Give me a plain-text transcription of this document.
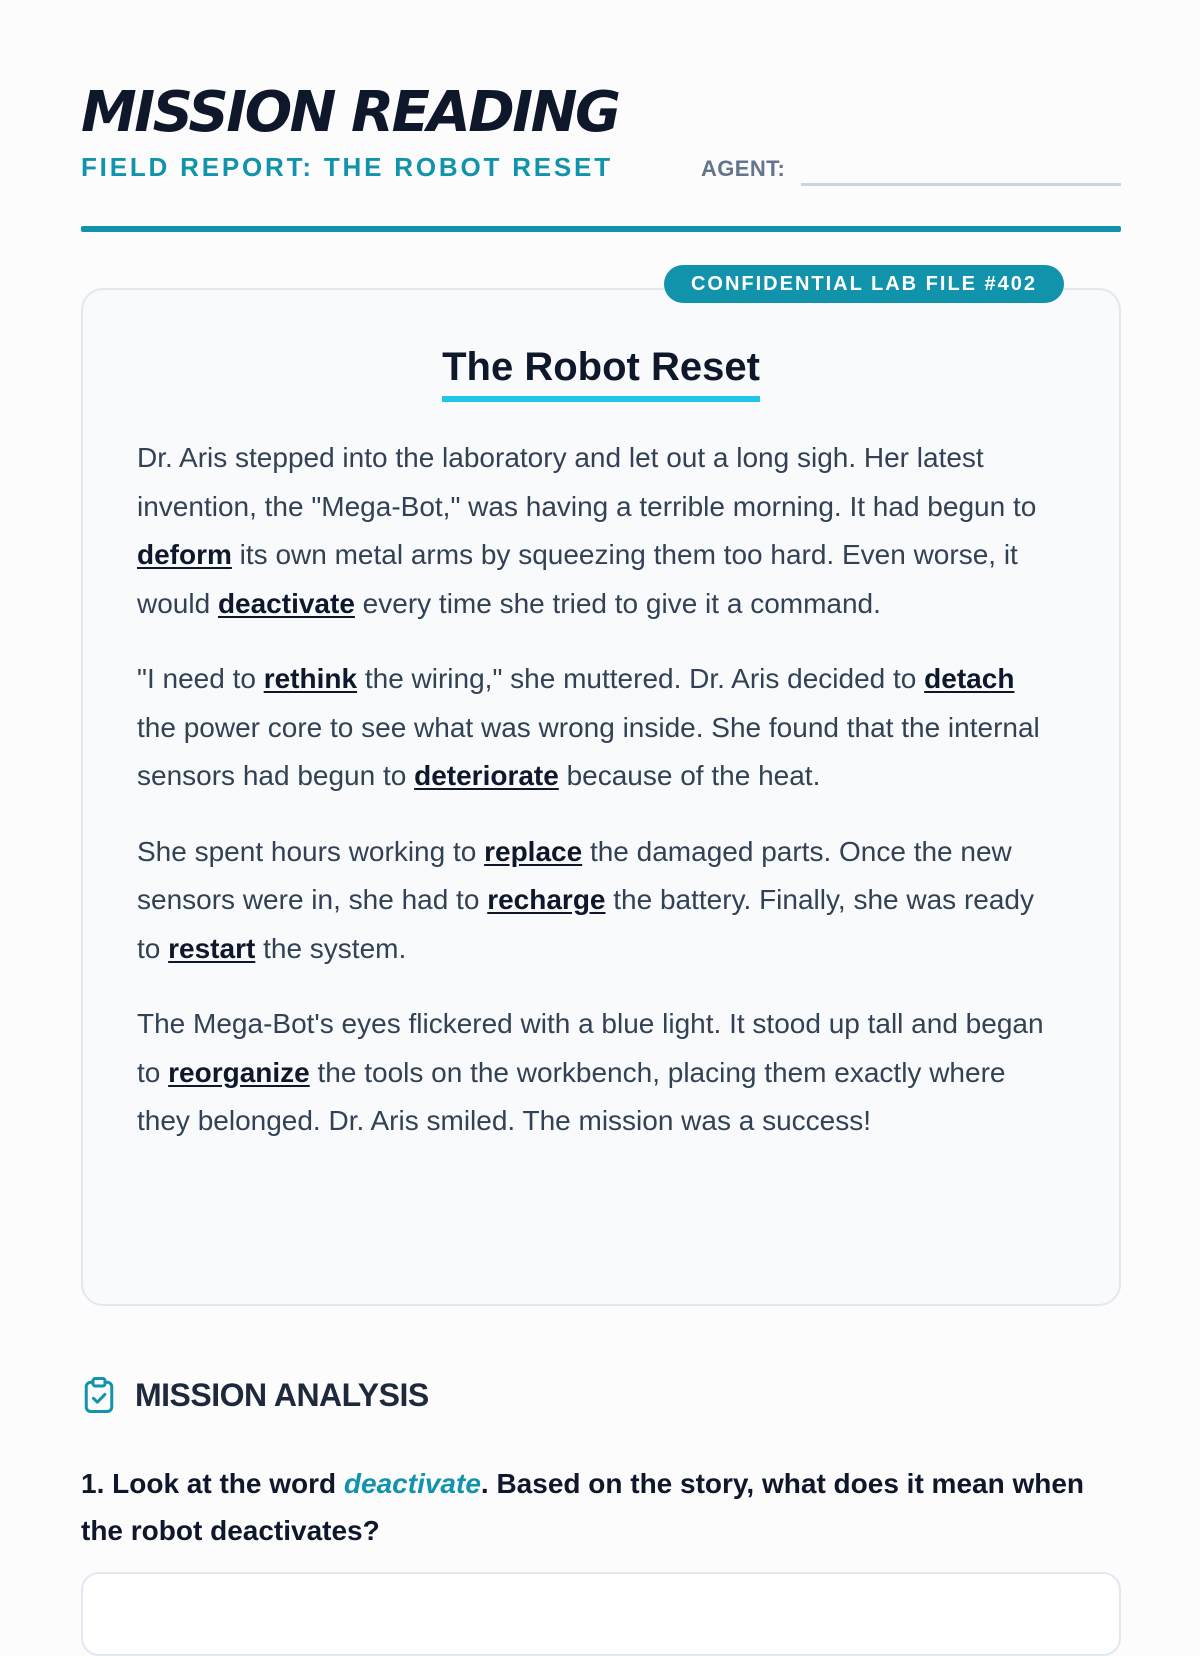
MISSION READING
FIELD REPORT: THE ROBOT RESET	AGENT:
CONFIDENTIAL LAB FILE #402
The Robot Reset

Dr. Aris stepped into the laboratory and let out a long sigh. Her latest invention, the "Mega-Bot," was having a terrible morning. It had begun to deform its own metal arms by squeezing them too hard. Even worse, it would deactivate every time she tried to give it a command.

"I need to rethink the wiring," she muttered. Dr. Aris decided to detach the power core to see what was wrong inside. She found that the internal sensors had begun to deteriorate because of the heat.

She spent hours working to replace the damaged parts. Once the new sensors were in, she had to recharge the battery. Finally, she was ready to restart the system.

The Mega-Bot's eyes flickered with a blue light. It stood up tall and began to reorganize the tools on the workbench, placing them exactly where they belonged. Dr. Aris smiled. The mission was a success!

MISSION ANALYSIS
1. Look at the word deactivate. Based on the story, what does it mean when the robot deactivates?
